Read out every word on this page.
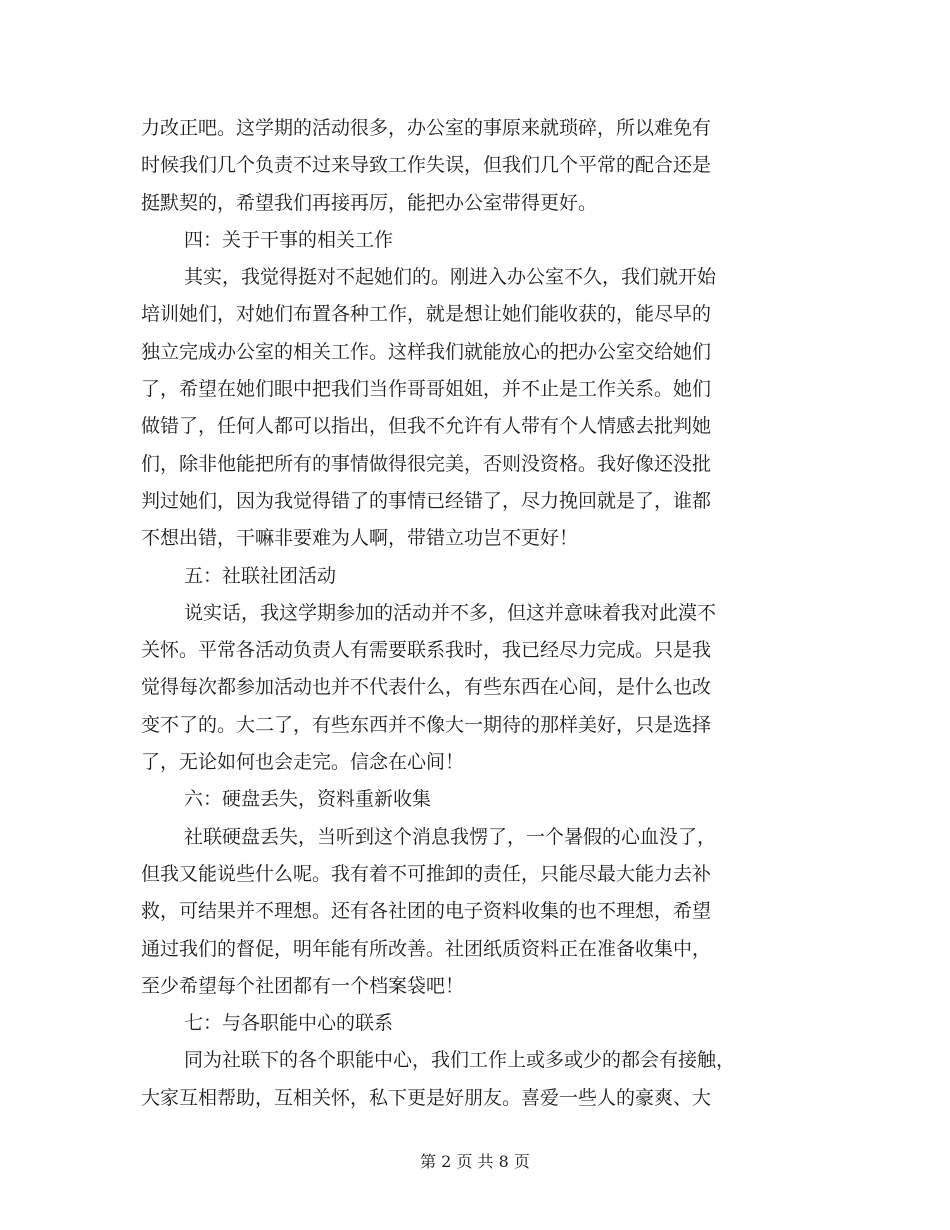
力改正吧。这学期的活动很多，办公室的事原来就琐碎，所以难免有
时候我们几个负责不过来导致工作失误，但我们几个平常的配合还是
挺默契的，希望我们再接再厉，能把办公室带得更好。
四：关于干事的相关工作
其实，我觉得挺对不起她们的。刚进入办公室不久，我们就开始
培训她们，对她们布置各种工作，就是想让她们能收获的，能尽早的
独立完成办公室的相关工作。这样我们就能放心的把办公室交给她们
了，希望在她们眼中把我们当作哥哥姐姐，并不止是工作关系。她们
做错了，任何人都可以指出，但我不允许有人带有个人情感去批判她
们，除非他能把所有的事情做得很完美，否则没资格。我好像还没批
判过她们，因为我觉得错了的事情已经错了，尽力挽回就是了，谁都
不想出错，干嘛非要难为人啊，带错立功岂不更好！
五：社联社团活动
说实话，我这学期参加的活动并不多，但这并意味着我对此漠不
关怀。平常各活动负责人有需要联系我时，我已经尽力完成。只是我
觉得每次都参加活动也并不代表什么，有些东西在心间，是什么也改
变不了的。大二了，有些东西并不像大一期待的那样美好，只是选择
了，无论如何也会走完。信念在心间！
六：硬盘丢失，资料重新收集
社联硬盘丢失，当听到这个消息我愣了，一个暑假的心血没了，
但我又能说些什么呢。我有着不可推卸的责任，只能尽最大能力去补
救，可结果并不理想。还有各社团的电子资料收集的也不理想，希望
通过我们的督促，明年能有所改善。社团纸质资料正在准备收集中，
至少希望每个社团都有一个档案袋吧！
七：与各职能中心的联系
同为社联下的各个职能中心，我们工作上或多或少的都会有接触，
大家互相帮助，互相关怀，私下更是好朋友。喜爱一些人的豪爽、大
第 2 页 共 8 页
